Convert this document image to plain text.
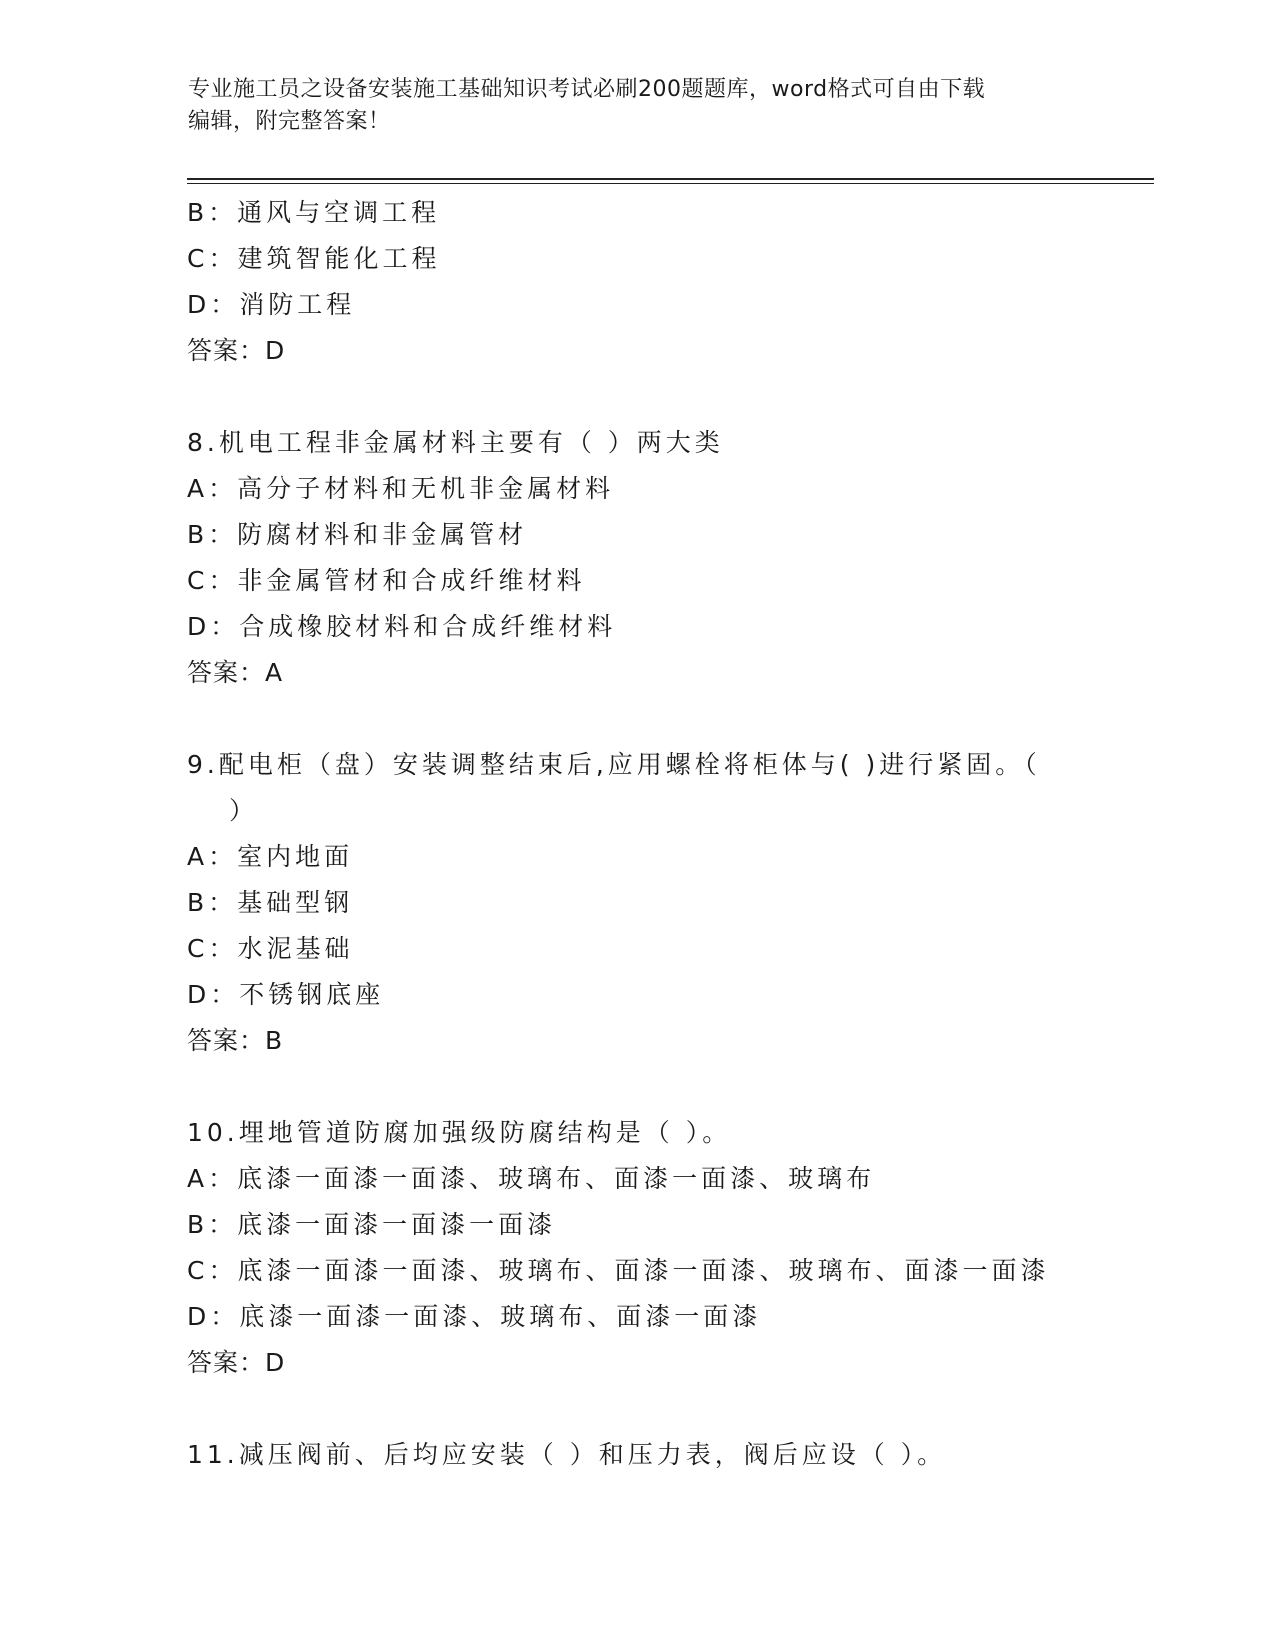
专业施工员之设备安装施工基础知识考试必刷200题题库，word格式可自由下载
编辑，附完整答案！
B：通风与空调工程
C：建筑智能化工程
D：消防工程
答案：D
8.机电工程非金属材料主要有（ ）两大类
A：高分子材料和无机非金属材料
B：防腐材料和非金属管材
C：非金属管材和合成纤维材料
D：合成橡胶材料和合成纤维材料
答案：A
9.配电柜（盘）安装调整结束后,应用螺栓将柜体与( )进行紧固。（
）
A：室内地面
B：基础型钢
C：水泥基础
D：不锈钢底座
答案：B
10.埋地管道防腐加强级防腐结构是（ ）。
A：底漆一面漆一面漆、玻璃布、面漆一面漆、玻璃布
B：底漆一面漆一面漆一面漆
C：底漆一面漆一面漆、玻璃布、面漆一面漆、玻璃布、面漆一面漆
D：底漆一面漆一面漆、玻璃布、面漆一面漆
答案：D
11.减压阀前、后均应安装（ ）和压力表，阀后应设（ ）。
